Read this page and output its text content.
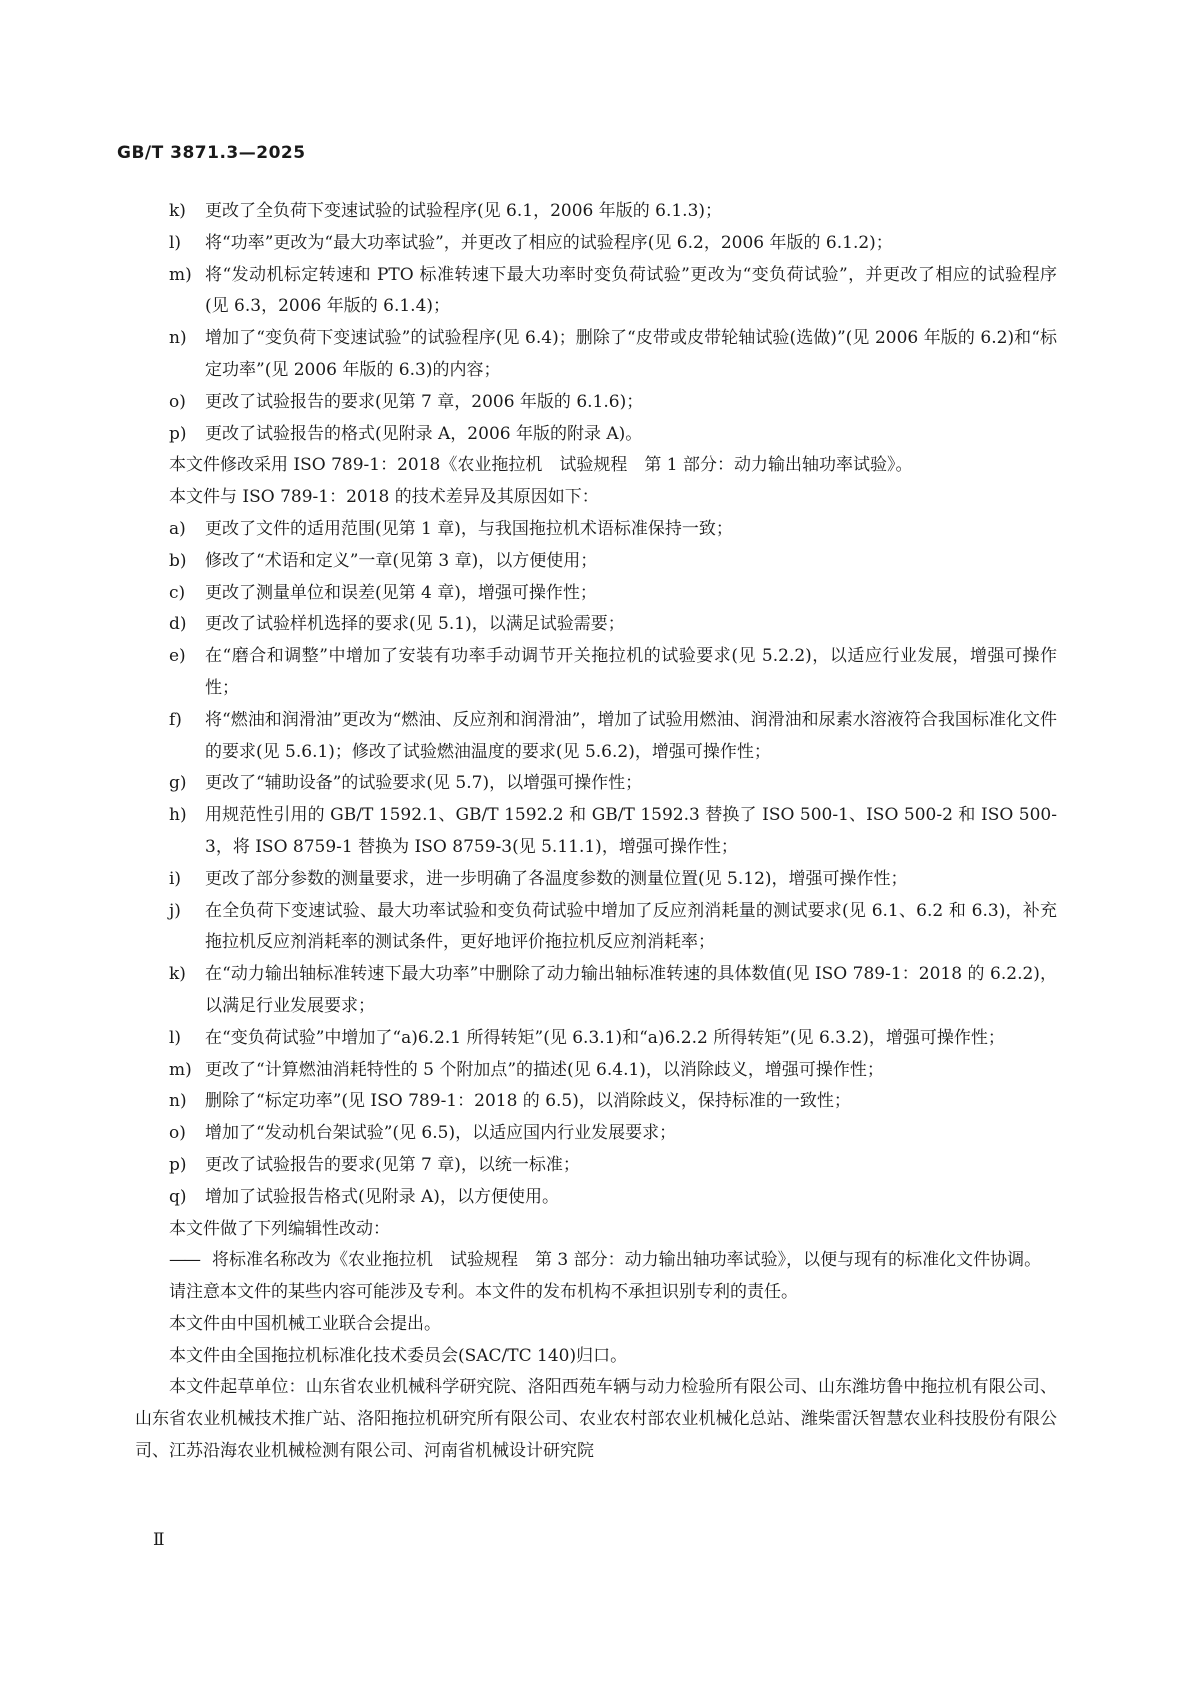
GB/T 3871.3—2025
k)	更改了全负荷下变速试验的试验程序(见 6.1，2006 年版的 6.1.3)；
l)	将“功率”更改为“最大功率试验”，并更改了相应的试验程序(见 6.2，2006 年版的 6.1.2)；
m) 将“发动机标定转速和 PTO 标准转速下最大功率时变负荷试验”更改为“变负荷试验”，并更改了相应的试验程序(见 6.3，2006 年版的 6.1.4)；
n)	增加了“变负荷下变速试验”的试验程序(见 6.4)；删除了“皮带或皮带轮轴试验(选做)”(见 2006 年版的 6.2)和“标定功率”(见 2006 年版的 6.3)的内容；
o)	更改了试验报告的要求(见第 7 章，2006 年版的 6.1.6)；
p)	更改了试验报告的格式(见附录 A，2006 年版的附录 A)。
本文件修改采用 ISO 789-1：2018《农业拖拉机　试验规程　第 1 部分：动力输出轴功率试验》。
本文件与 ISO 789-1：2018 的技术差异及其原因如下：
a)	更改了文件的适用范围(见第 1 章)，与我国拖拉机术语标准保持一致；
b)	修改了“术语和定义”一章(见第 3 章)，以方便使用；
c)	更改了测量单位和误差(见第 4 章)，增强可操作性；
d)	更改了试验样机选择的要求(见 5.1)，以满足试验需要；
e)	在“磨合和调整”中增加了安装有功率手动调节开关拖拉机的试验要求(见 5.2.2)，以适应行业发展，增强可操作性；
f)	将“燃油和润滑油”更改为“燃油、反应剂和润滑油”，增加了试验用燃油、润滑油和尿素水溶液符合我国标准化文件的要求(见 5.6.1)；修改了试验燃油温度的要求(见 5.6.2)，增强可操作性；
g)	更改了“辅助设备”的试验要求(见 5.7)，以增强可操作性；
h)	用规范性引用的 GB/T 1592.1、GB/T 1592.2 和 GB/T 1592.3 替换了 ISO 500-1、ISO 500-2 和 ISO 500-3，将 ISO 8759-1 替换为 ISO 8759-3(见 5.11.1)，增强可操作性；
i)	更改了部分参数的测量要求，进一步明确了各温度参数的测量位置(见 5.12)，增强可操作性；
j)	在全负荷下变速试验、最大功率试验和变负荷试验中增加了反应剂消耗量的测试要求(见 6.1、6.2 和 6.3)，补充拖拉机反应剂消耗率的测试条件，更好地评价拖拉机反应剂消耗率；
k)	在“动力输出轴标准转速下最大功率”中删除了动力输出轴标准转速的具体数值(见 ISO 789-1：2018 的 6.2.2)，以满足行业发展要求；
l)	在“变负荷试验”中增加了“a)6.2.1 所得转矩”(见 6.3.1)和“a)6.2.2 所得转矩”(见 6.3.2)，增强可操作性；
m) 更改了“计算燃油消耗特性的 5 个附加点”的描述(见 6.4.1)，以消除歧义，增强可操作性；
n)	删除了“标定功率”(见 ISO 789-1：2018 的 6.5)，以消除歧义，保持标准的一致性；
o)	增加了“发动机台架试验”(见 6.5)，以适应国内行业发展要求；
p)	更改了试验报告的要求(见第 7 章)，以统一标准；
q)	增加了试验报告格式(见附录 A)，以方便使用。
本文件做了下列编辑性改动：
—— 将标准名称改为《农业拖拉机　试验规程　第 3 部分：动力输出轴功率试验》，以便与现有的标准化文件协调。
请注意本文件的某些内容可能涉及专利。本文件的发布机构不承担识别专利的责任。
本文件由中国机械工业联合会提出。
本文件由全国拖拉机标准化技术委员会(SAC/TC 140)归口。
本文件起草单位：山东省农业机械科学研究院、洛阳西苑车辆与动力检验所有限公司、山东潍坊鲁中拖拉机有限公司、山东省农业机械技术推广站、洛阳拖拉机研究所有限公司、农业农村部农业机械化总站、潍柴雷沃智慧农业科技股份有限公司、江苏沿海农业机械检测有限公司、河南省机械设计研究院
Ⅱ
